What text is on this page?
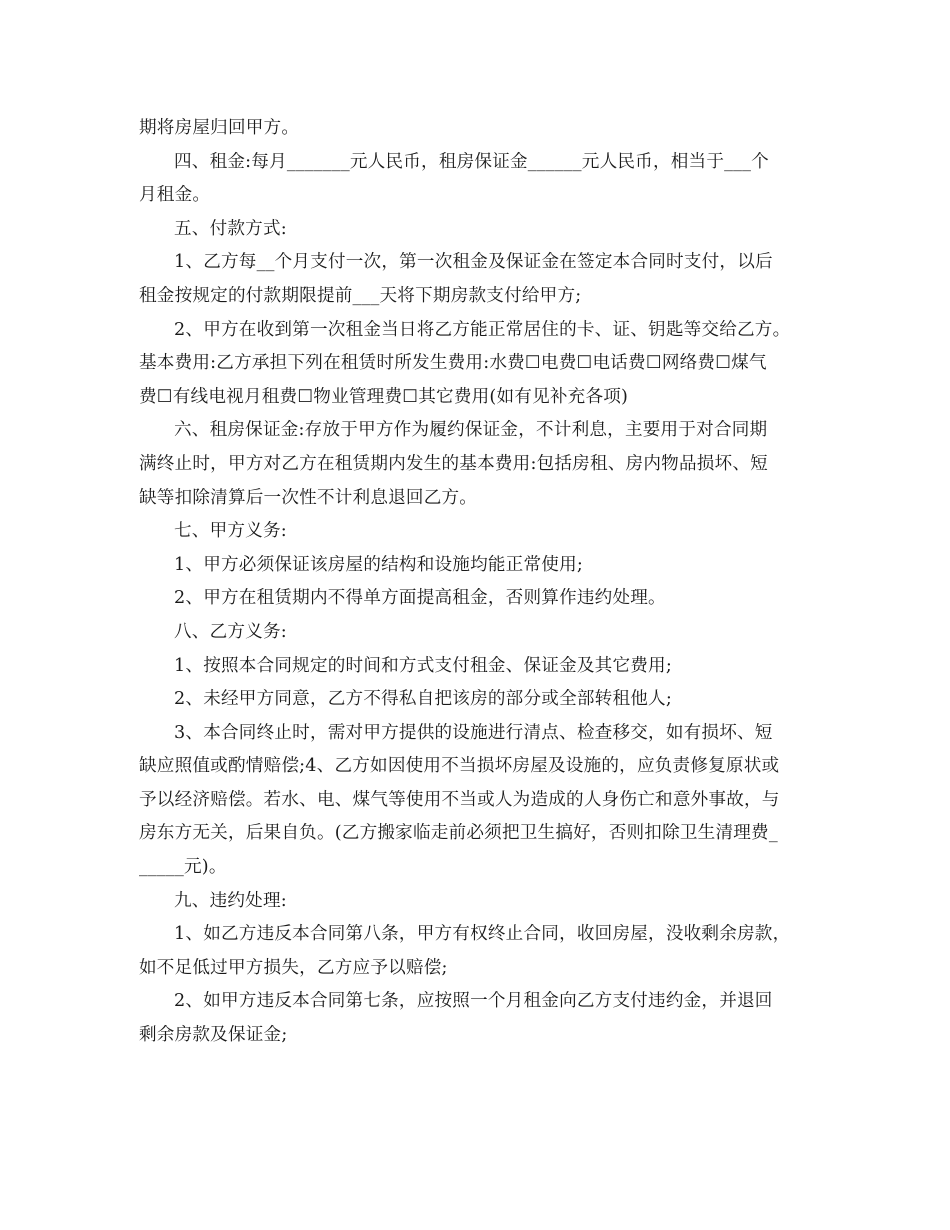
期将房屋归回甲方。
四、租金:每月_______元人民币，租房保证金______元人民币，相当于___个
月租金。
五、付款方式:
1、乙方每__个月支付一次，第一次租金及保证金在签定本合同时支付，以后
租金按规定的付款期限提前___天将下期房款支付给甲方;
2、甲方在收到第一次租金当日将乙方能正常居住的卡、证、钥匙等交给乙方。
基本费用:乙方承担下列在租赁时所发生费用:水费☐电费☐电话费☐网络费☐煤气
费☐有线电视月租费☐物业管理费☐其它费用(如有见补充各项)
六、租房保证金:存放于甲方作为履约保证金，不计利息，主要用于对合同期
满终止时，甲方对乙方在租赁期内发生的基本费用:包括房租、房内物品损坏、短
缺等扣除清算后一次性不计利息退回乙方。
七、甲方义务:
1、甲方必须保证该房屋的结构和设施均能正常使用;
2、甲方在租赁期内不得单方面提高租金，否则算作违约处理。
八、乙方义务:
1、按照本合同规定的时间和方式支付租金、保证金及其它费用;
2、未经甲方同意，乙方不得私自把该房的部分或全部转租他人;
3、本合同终止时，需对甲方提供的设施进行清点、检查移交，如有损坏、短
缺应照值或酌情赔偿;4、乙方如因使用不当损坏房屋及设施的，应负责修复原状或
予以经济赔偿。若水、电、煤气等使用不当或人为造成的人身伤亡和意外事故，与
房东方无关，后果自负。(乙方搬家临走前必须把卫生搞好，否则扣除卫生清理费_
_____元)。
九、违约处理:
1、如乙方违反本合同第八条，甲方有权终止合同，收回房屋，没收剩余房款，
如不足低过甲方损失，乙方应予以赔偿;
2、如甲方违反本合同第七条，应按照一个月租金向乙方支付违约金，并退回
剩余房款及保证金;
